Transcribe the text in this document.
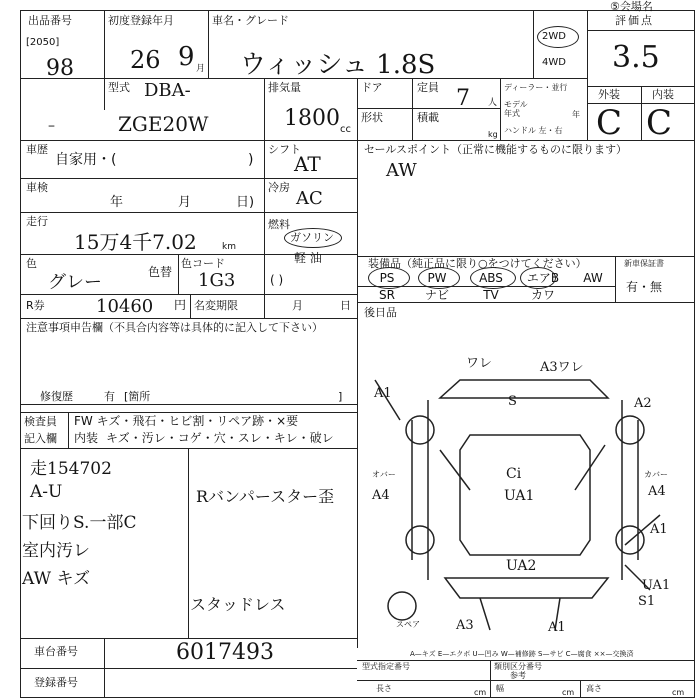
⑤会場名
出品番号
[2050]
98
–
初度登録年月
26 9 月
車名・グレード
ウィッシュ 1.8S
2WD
4WD
評価点
3.5
外装	内装
C C
型式 DBA-
ZGE20W
排気量
1800 cc
ドア
形状
定員 7 人
積載
kg
ディーラー・並行
モデル 年式	年
ハンドル 左・右
車歴
自家用・(	)
車検
年	月	日)
走行
15万4千7.02	km
色
グレー	色替
色コード
1G3
シフト
AT
冷房
AC
燃料
ガソリン
軽 油
( )
R券	10460 円 名変期限	月	日
セールスポイント（正常に機能するものに限ります）
AW
装備品（純正品に限り○をつけてください）	新車保証書
有・無
PS	PW	ABS	エアB	AW
SR	ナビ	TV	カワ
後日品
注意事項申告欄（不具合内容等は具体的に記入して下さい）
修復歴	有 [箇所	]
検査員
記入欄
FW キズ・飛石・ヒビ割・リペア跡・×要
内装 キズ・汚レ・コゲ・穴・スレ・キレ・破レ
走154702
A-U
下回りS.一部C
室内汚レ
AW キズ
Rバンパースター歪
スタッドレス
ワレ	A3ワレ
S
A1
A2
Ci
UA1
オバー
A4
カバー
A4
UA2
A1
UA1
S1
A3	A1
スペア
A—キズ E—エクボ U—凹み W—補修跡 S—サビ C—腐食 ××—交換済
車台番号	6017493
登録番号
型式指定番号	類別区分番号
参考
長さ	cm 幅	cm 高さ	cm
